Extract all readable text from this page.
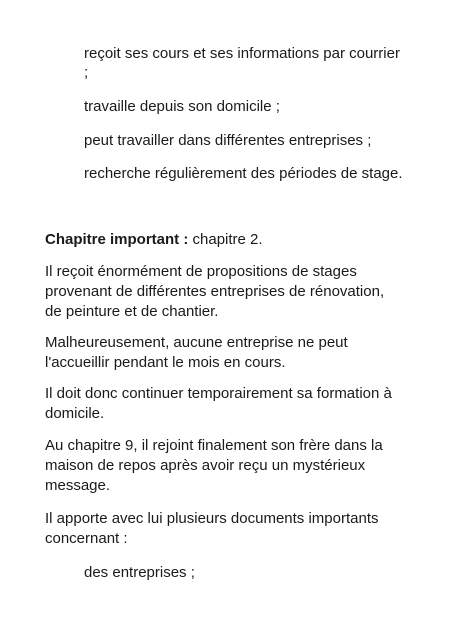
reçoit ses cours et ses informations par courrier
;
travaille depuis son domicile ;
peut travailler dans différentes entreprises ;
recherche régulièrement des périodes de stage.
Chapitre important : chapitre 2.
Il reçoit énormément de propositions de stages
provenant de différentes entreprises de rénovation,
de peinture et de chantier.
Malheureusement, aucune entreprise ne peut
l'accueillir pendant le mois en cours.
Il doit donc continuer temporairement sa formation à
domicile.
Au chapitre 9, il rejoint finalement son frère dans la
maison de repos après avoir reçu un mystérieux
message.
Il apporte avec lui plusieurs documents importants
concernant :
des entreprises ;
